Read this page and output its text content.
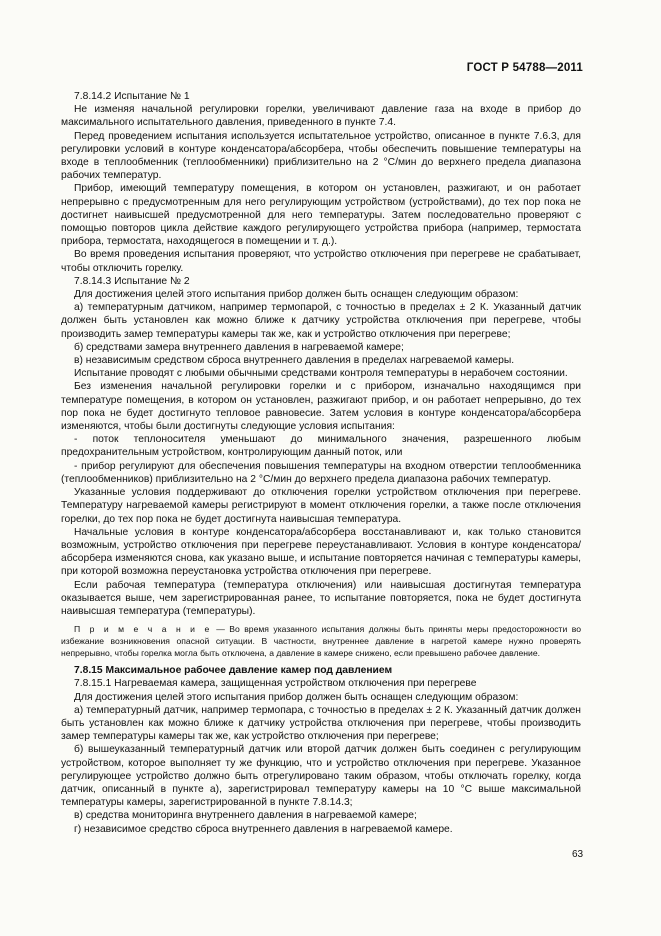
ГОСТ Р 54788—2011

7.8.14.2 Испытание № 1

Не изменяя начальной регулировки горелки, увеличивают давление газа на входе в прибор до максимального испытательного давления, приведенного в пункте 7.4.

Перед проведением испытания используется испытательное устройство, описанное в пункте 7.6.3, для регулировки условий в контуре конденсатора/абсорбера, чтобы обеспечить повышение температуры на входе в теплообменник (теплообменники) приблизительно на 2 °С/мин до верхнего предела диапазона рабочих температур.

Прибор, имеющий температуру помещения, в котором он установлен, разжигают, и он работает непрерывно с предусмотренным для него регулирующим устройством (устройствами), до тех пор пока не достигнет наивысшей предусмотренной для него температуры. Затем последовательно проверяют с помощью повторов цикла действие каждого регулирующего устройства прибора (например, термостата прибора, термостата, находящегося в помещении и т. д.).

Во время проведения испытания проверяют, что устройство отключения при перегреве не срабатывает, чтобы отключить горелку.

7.8.14.3 Испытание № 2

Для достижения целей этого испытания прибор должен быть оснащен следующим образом:

а) температурным датчиком, например термопарой, с точностью в пределах ± 2 К. Указанный датчик должен быть установлен как можно ближе к датчику устройства отключения при перегреве, чтобы производить замер температуры камеры так же, как и устройство отключения при перегреве;

б) средствами замера внутреннего давления в нагреваемой камере;

в) независимым средством сброса внутреннего давления в пределах нагреваемой камеры.

Испытание проводят с любыми обычными средствами контроля температуры в нерабочем состоянии.

Без изменения начальной регулировки горелки и с прибором, изначально находящимся при температуре помещения, в котором он установлен, разжигают прибор, и он работает непрерывно, до тех пор пока не будет достигнуто тепловое равновесие. Затем условия в контуре конденсатора/абсорбера изменяются, чтобы были достигнуты следующие условия испытания:

- поток теплоносителя уменьшают до минимального значения, разрешенного любым предохранительным устройством, контролирующим данный поток, или

- прибор регулируют для обеспечения повышения температуры на входном отверстии теплообменника (теплообменников) приблизительно на 2 °С/мин до верхнего предела диапазона рабочих температур.

Указанные условия поддерживают до отключения горелки устройством отключения при перегреве. Температуру нагреваемой камеры регистрируют в момент отключения горелки, а также после отключения горелки, до тех пор пока не будет достигнута наивысшая температура.

Начальные условия в контуре конденсатора/абсорбера восстанавливают и, как только становится возможным, устройство отключения при перегреве переустанавливают. Условия в контуре конденсатора/абсорбера изменяются снова, как указано выше, и испытание повторяется начиная с температуры камеры, при которой возможна переустановка устройства отключения при перегреве.

Если рабочая температура (температура отключения) или наивысшая достигнутая температура оказывается выше, чем зарегистрированная ранее, то испытание повторяется, пока не будет достигнута наивысшая температура (температуры).

П р и м е ч а н и е — Во время указанного испытания должны быть приняты меры предосторожности во избежание возникновения опасной ситуации. В частности, внутреннее давление в нагретой камере нужно проверять непрерывно, чтобы горелка могла быть отключена, а давление в камере снижено, если превышено рабочее давление.

7.8.15 Максимальное рабочее давление камер под давлением

7.8.15.1 Нагреваемая камера, защищенная устройством отключения при перегреве

Для достижения целей этого испытания прибор должен быть оснащен следующим образом:

а) температурный датчик, например термопара, с точностью в пределах ± 2 К. Указанный датчик должен быть установлен как можно ближе к датчику устройства отключения при перегреве, чтобы производить замер температуры камеры так же, как устройство отключения при перегреве;

б) вышеуказанный температурный датчик или второй датчик должен быть соединен с регулирующим устройством, которое выполняет ту же функцию, что и устройство отключения при перегреве. Указанное регулирующее устройство должно быть отрегулировано таким образом, чтобы отключать горелку, когда датчик, описанный в пункте а), зарегистрировал температуру камеры на 10 °С выше максимальной температуры камеры, зарегистрированной в пункте 7.8.14.3;

в) средства мониторинга внутреннего давления в нагреваемой камере;

г) независимое средство сброса внутреннего давления в нагреваемой камере.

63
